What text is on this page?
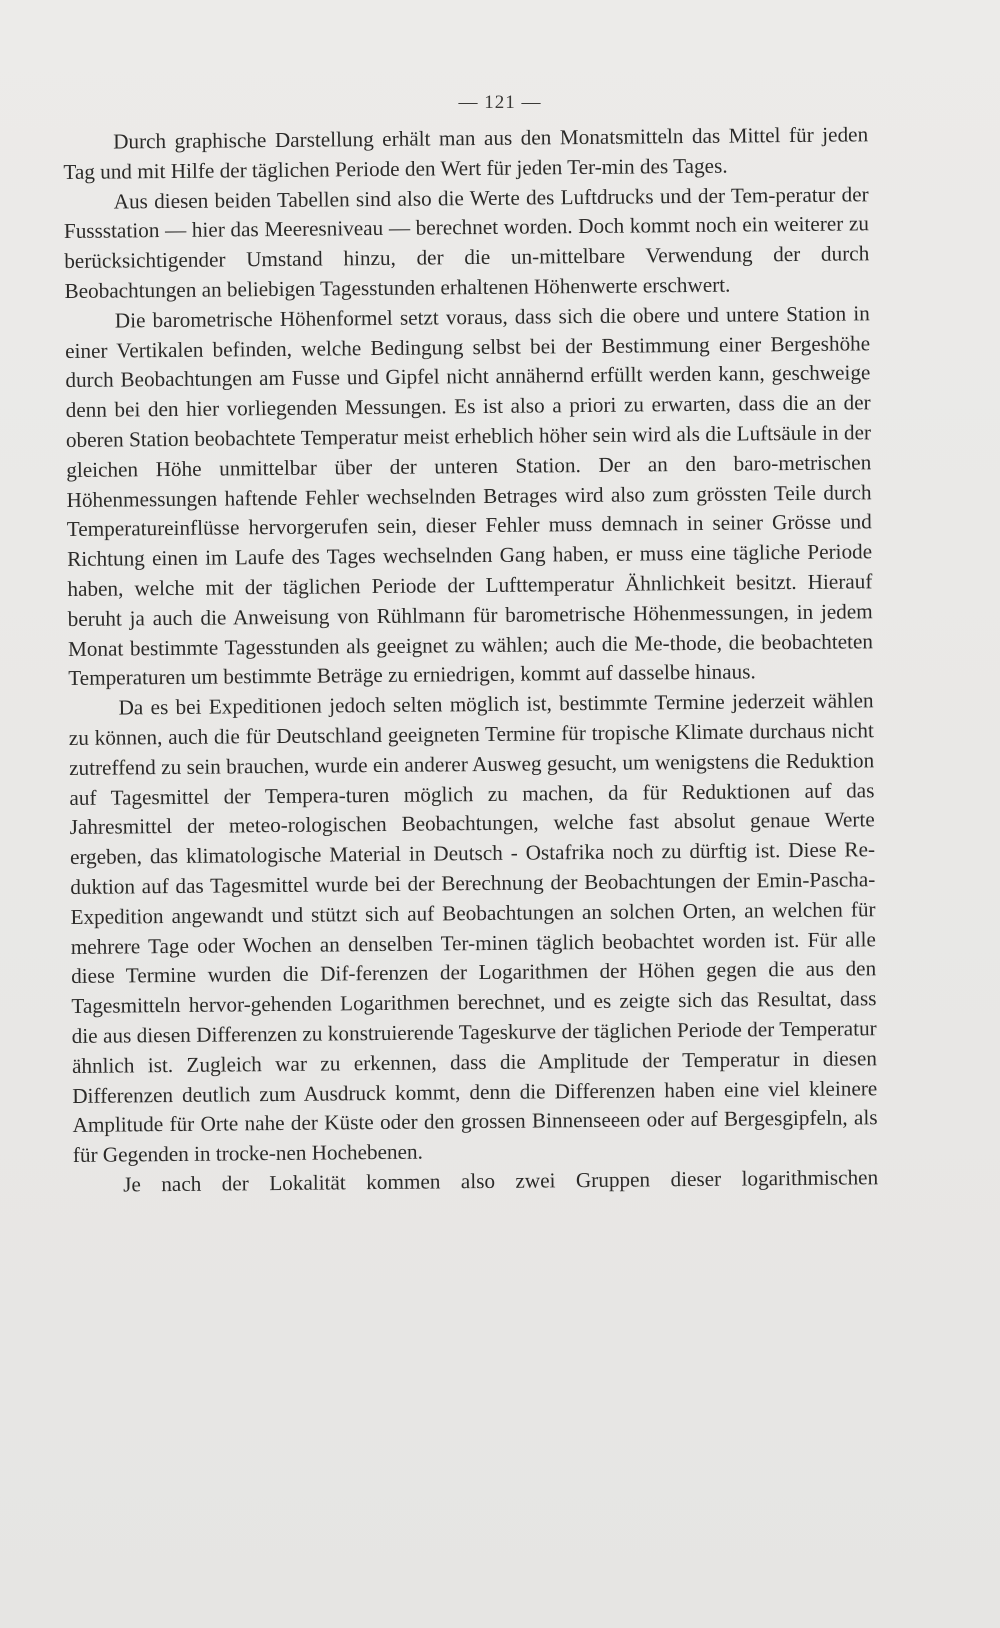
— 121 —

Durch graphische Darstellung erhält man aus den Monatsmitteln das Mittel für jeden Tag und mit Hilfe der täglichen Periode den Wert für jeden Ter-min des Tages.

Aus diesen beiden Tabellen sind also die Werte des Luftdrucks und der Tem-peratur der Fussstation — hier das Meeresniveau — berechnet worden. Doch kommt noch ein weiterer zu berücksichtigender Umstand hinzu, der die un-mittelbare Verwendung der durch Beobachtungen an beliebigen Tagesstunden erhaltenen Höhenwerte erschwert.

Die barometrische Höhenformel setzt voraus, dass sich die obere und untere Station in einer Vertikalen befinden, welche Bedingung selbst bei der Bestimmung einer Bergeshöhe durch Beobachtungen am Fusse und Gipfel nicht annähernd erfüllt werden kann, geschweige denn bei den hier vorliegenden Messungen. Es ist also a priori zu erwarten, dass die an der oberen Station beobachtete Temperatur meist erheblich höher sein wird als die Luftsäule in der gleichen Höhe unmittelbar über der unteren Station. Der an den baro-metrischen Höhenmessungen haftende Fehler wechselnden Betrages wird also zum grössten Teile durch Temperatureinflüsse hervorgerufen sein, dieser Fehler muss demnach in seiner Grösse und Richtung einen im Laufe des Tages wechselnden Gang haben, er muss eine tägliche Periode haben, welche mit der täglichen Periode der Lufttemperatur Ähnlichkeit besitzt. Hierauf beruht ja auch die Anweisung von Rühlmann für barometrische Höhenmessungen, in jedem Monat bestimmte Tagesstunden als geeignet zu wählen; auch die Me-thode, die beobachteten Temperaturen um bestimmte Beträge zu erniedrigen, kommt auf dasselbe hinaus.

Da es bei Expeditionen jedoch selten möglich ist, bestimmte Termine jederzeit wählen zu können, auch die für Deutschland geeigneten Termine für tropische Klimate durchaus nicht zutreffend zu sein brauchen, wurde ein anderer Ausweg gesucht, um wenigstens die Reduktion auf Tagesmittel der Tempera-turen möglich zu machen, da für Reduktionen auf das Jahresmittel der meteo-rologischen Beobachtungen, welche fast absolut genaue Werte ergeben, das klimatologische Material in Deutsch - Ostafrika noch zu dürftig ist. Diese Re-duktion auf das Tagesmittel wurde bei der Berechnung der Beobachtungen der Emin-Pascha-Expedition angewandt und stützt sich auf Beobachtungen an solchen Orten, an welchen für mehrere Tage oder Wochen an denselben Ter-minen täglich beobachtet worden ist. Für alle diese Termine wurden die Dif-ferenzen der Logarithmen der Höhen gegen die aus den Tagesmitteln hervor-gehenden Logarithmen berechnet, und es zeigte sich das Resultat, dass die aus diesen Differenzen zu konstruierende Tageskurve der täglichen Periode der Temperatur ähnlich ist. Zugleich war zu erkennen, dass die Amplitude der Temperatur in diesen Differenzen deutlich zum Ausdruck kommt, denn die Differenzen haben eine viel kleinere Amplitude für Orte nahe der Küste oder den grossen Binnenseeen oder auf Bergesgipfeln, als für Gegenden in trocke-nen Hochebenen.

Je nach der Lokalität kommen also zwei Gruppen dieser logarithmischen
